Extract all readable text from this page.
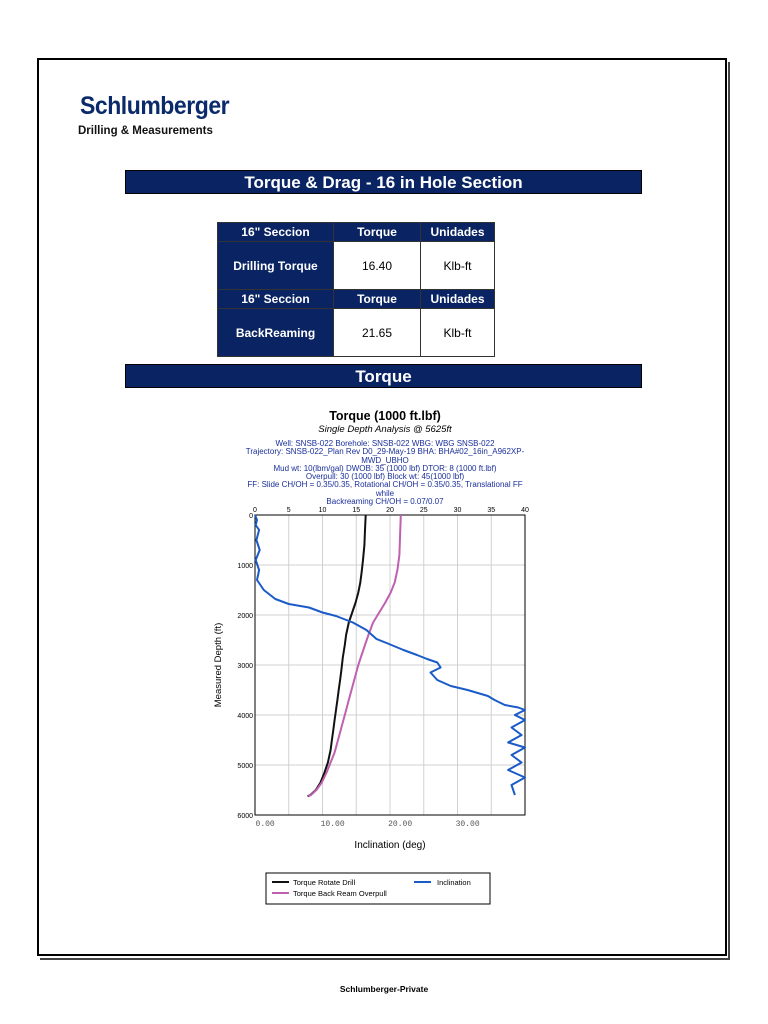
Schlumberger
Drilling & Measurements
Torque & Drag - 16 in Hole Section
16" Seccion	Torque	Unidades
Drilling Torque	16.40	Klb-ft
16" Seccion	Torque	Unidades
BackReaming	21.65	Klb-ft
Torque
Torque (1000 ft.lbf)
Single Depth Analysis @ 5625ft
Well: SNSB-022 Borehole: SNSB-022 WBG: WBG SNSB-022
Trajectory: SNSB-022_Plan Rev D0_29-May-19 BHA: BHA#02_16in_A962XP-
MWD_UBHO
Mud wt: 10(lbm/gal) DWOB: 35 (1000 lbf) DTOR: 8 (1000 ft.lbf)
Overpull: 30 (1000 lbf) Block wt: 45(1000 lbf)
FF: Slide CH/OH = 0.35/0.35, Rotational CH/OH = 0.35/0.35, Translational FF while
Backreaming CH/OH = 0.07/0.07
0	5	10	15	20	25	30	35	40
0
1000
2000
3000
4000
5000
6000
0.00	10.00	20.00	30.00
Measured Depth (ft)
Inclination (deg)
Torque Rotate Drill	Inclination
Torque Back Ream Overpull
Schlumberger-Private
